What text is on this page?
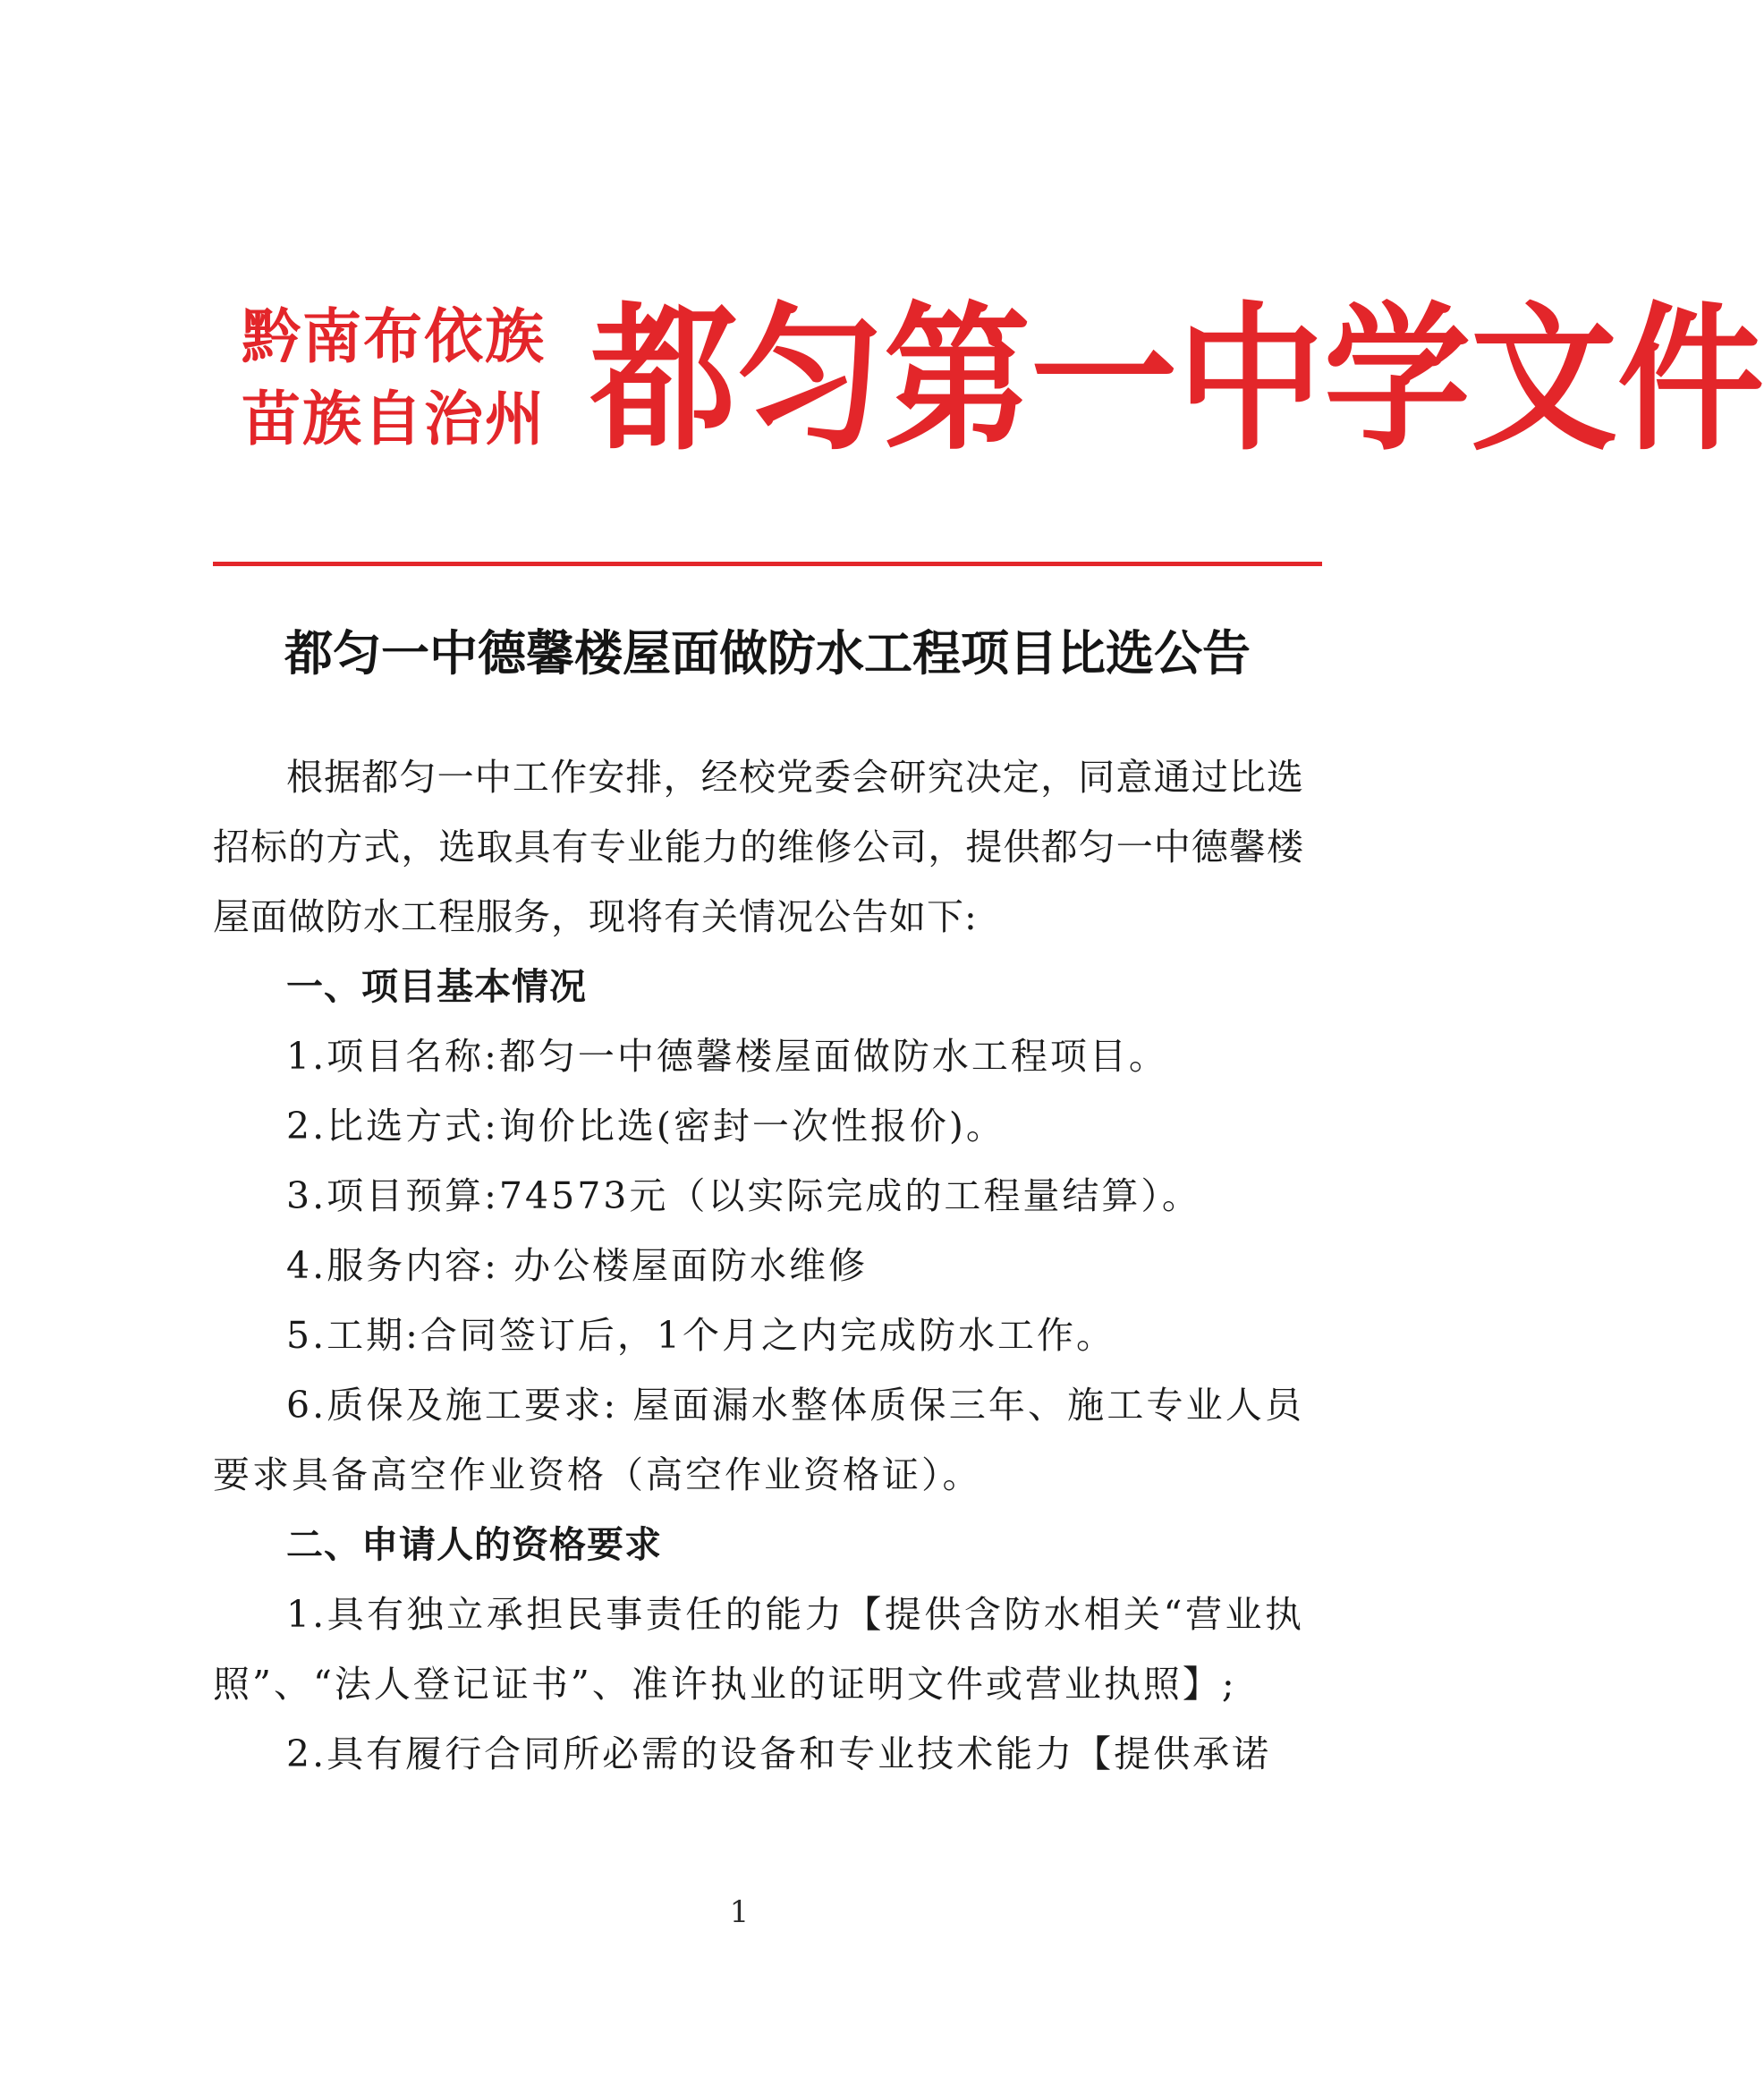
黔南布依族
苗族自治州 都匀第一中学文件
都匀一中德馨楼屋面做防水工程项目比选公告

根据都匀一中工作安排，经校党委会研究决定，同意通过比选招标的方式，选取具有专业能力的维修公司，提供都匀一中德馨楼屋面做防水工程服务，现将有关情况公告如下:

一、项目基本情况

1.项目名称:都匀一中德馨楼屋面做防水工程项目。

2.比选方式:询价比选(密封一次性报价)。

3.项目预算:74573元（以实际完成的工程量结算）。

4.服务内容: 办公楼屋面防水维修

5.工期:合同签订后，1个月之内完成防水工作。

6.质保及施工要求: 屋面漏水整体质保三年、施工专业人员要求具备高空作业资格（高空作业资格证）。

二、申请人的资格要求

1.具有独立承担民事责任的能力【提供含防水相关“营业执照”、“法人登记证书”、准许执业的证明文件或营业执照】;

2.具有履行合同所必需的设备和专业技术能力【提供承诺

1
